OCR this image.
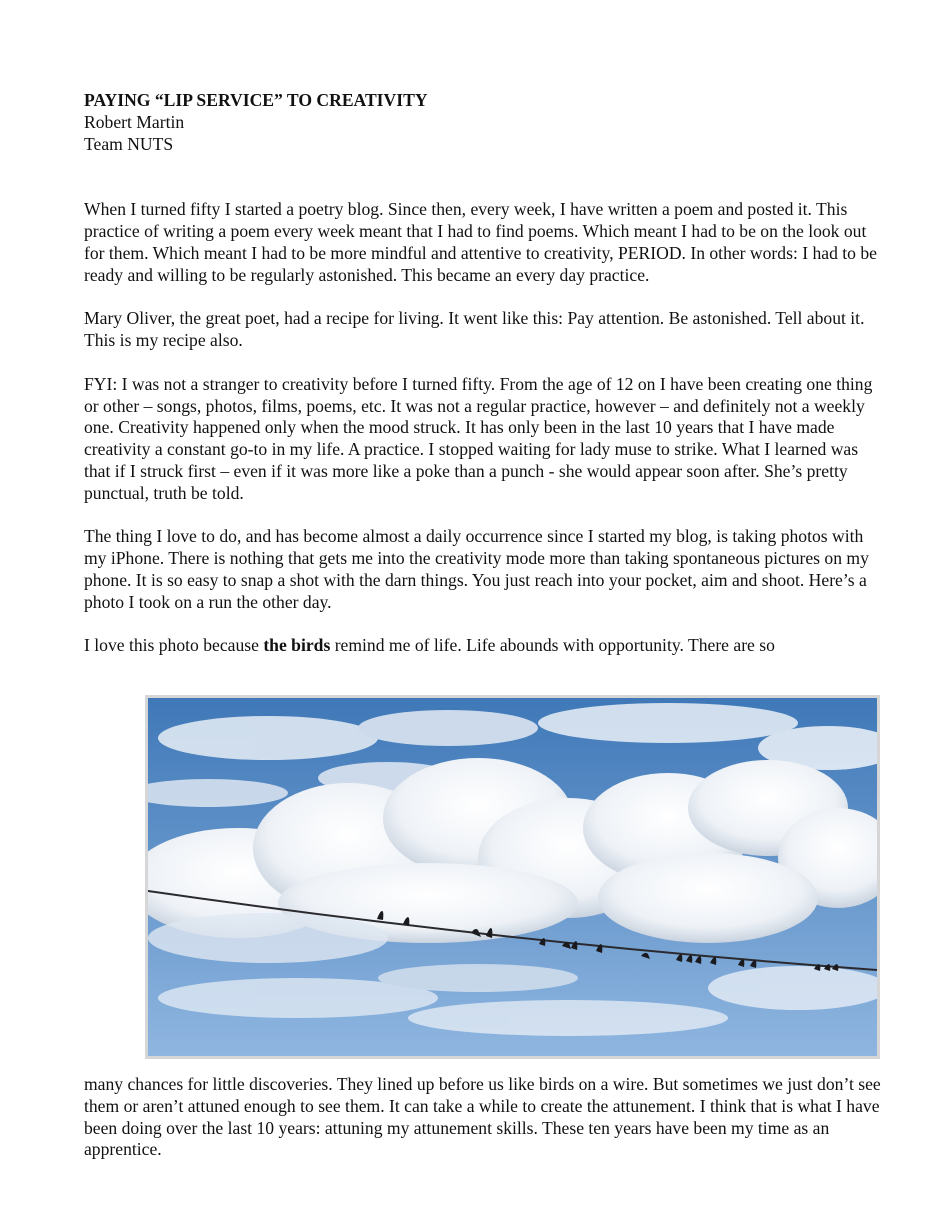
PAYING “LIP SERVICE” TO CREATIVITY
Robert Martin
Team NUTS

When I turned fifty I started a poetry blog. Since then, every week, I have written a poem and posted it. This practice of writing a poem every week meant that I had to find poems. Which meant I had to be on the look out for them. Which meant I had to be more mindful and attentive to creativity, PERIOD. In other words: I had to be ready and willing to be regularly astonished. This became an every day practice.

Mary Oliver, the great poet, had a recipe for living. It went like this: Pay attention. Be astonished. Tell about it. This is my recipe also.

FYI: I was not a stranger to creativity before I turned fifty. From the age of 12 on I have been creating one thing or other – songs, photos, films, poems, etc. It was not a regular practice, however – and definitely not a weekly one. Creativity happened only when the mood struck. It has only been in the last 10 years that I have made creativity a constant go-to in my life. A practice. I stopped waiting for lady muse to strike. What I learned was that if I struck first – even if it was more like a poke than a punch - she would appear soon after. She’s pretty punctual, truth be told.

The thing I love to do, and has become almost a daily occurrence since I started my blog, is taking photos with my iPhone. There is nothing that gets me into the creativity mode more than taking spontaneous pictures on my phone. It is so easy to snap a shot with the darn things. You just reach into your pocket, aim and shoot. Here’s a photo I took on a run the other day.

I love this photo because the birds remind me of life. Life abounds with opportunity. There are so

many chances for little discoveries. They lined up before us like birds on a wire. But sometimes we just don’t see them or aren’t attuned enough to see them. It can take a while to create the attunement. I think that is what I have been doing over the last 10 years: attuning my attunement skills. These ten years have been my time as an apprentice.
